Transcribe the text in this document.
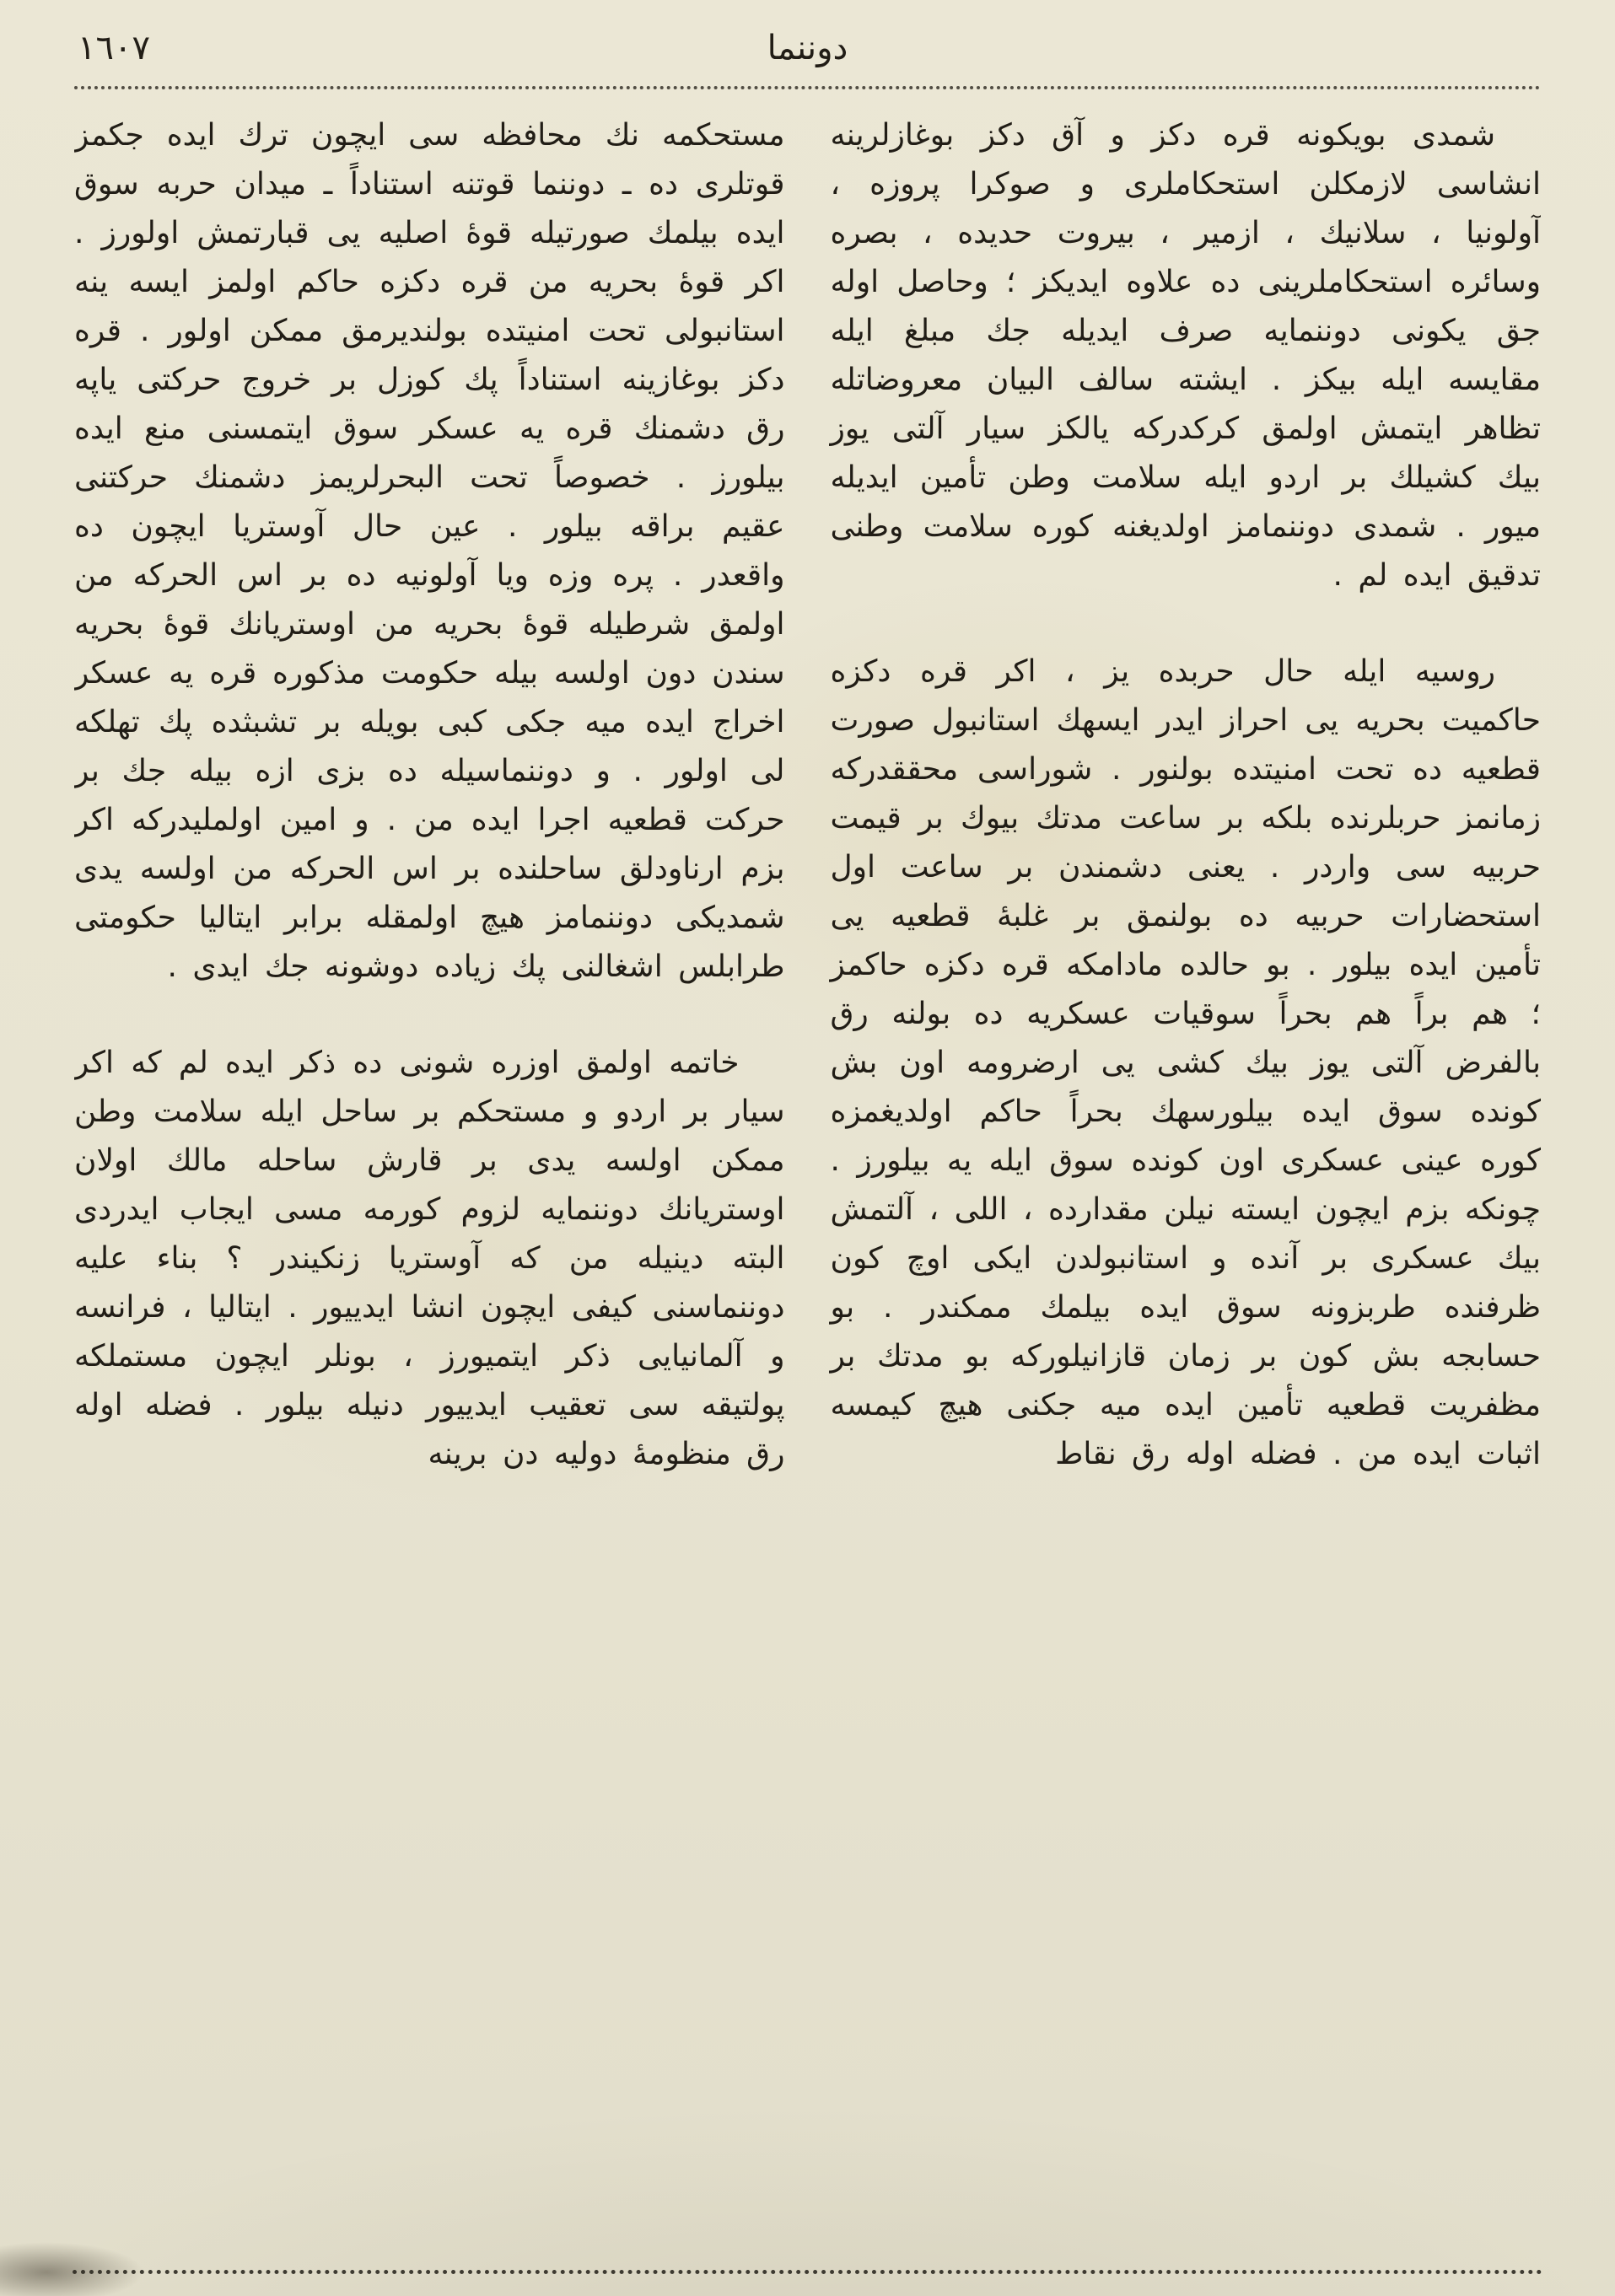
١٦٠٧	دوننما

شمدى بويكونه قره دكز و آق دكز بوغازلرينه انشاسى لازمكلن استحكاملرى و صوكرا پروزه ، آولونيا ، سلانيك ، ازمير ، بيروت حديده ، بصره وسائره استحكاملرينى ده علاوه ايديكز ؛ وحاصل اوله جق يكونى دوننمايه صرف ايديله جك مبلغ ايله مقايسه ايله بيكز . ايشته سالف البيان معروضاتله تظاهر ايتمش اولمق كركدركه يالكز سيار آلتى يوز بيك كشيلك بر اردو ايله سلامت وطن تأمين ايديله ميور . شمدى دوننمامز اولديغنه كوره سلامت وطنى تدقيق ايده لم .

روسيه ايله حال حربده يز ، اكر قره دكزه حاكميت بحريه يى احراز ايدر ايسهك استانبول صورت قطعيه ده تحت امنيتده بولنور . شوراسى محققدركه زمانمز حربلرنده بلكه بر ساعت مدتك بيوك بر قيمت حربيه سى واردر . يعنى دشمندن بر ساعت اول استحضارات حربيه ده بولنمق بر غلبهٔ قطعيه يى تأمين ايده بيلور . بو حالده مادامكه قره دكزه حاكمز ؛ هم براً هم بحراً سوقيات عسكريه ده بولنه رق بالفرض آلتى يوز بيك كشى يى ارضرومه اون بش كونده سوق ايده بيلورسهك بحراً حاكم اولديغمزه كوره عينى عسكرى اون كونده سوق ايله يه بيلورز . چونكه بزم ايچون ايسته نيلن مقدارده ، اللى ، آلتمش بيك عسكرى بر آنده و استانبولدن ايكى اوچ كون ظرفنده طربزونه سوق ايده بيلمك ممكندر . بو حسابجه بش كون بر زمان قازانيلوركه بو مدتك بر مظفريت قطعيه تأمين ايده ميه جكنى هيچ كيمسه اثبات ايده من . فضله اوله رق نقاط

مستحكمه نك محافظه سى ايچون ترك ايده جكمز قوتلرى ده ـ دوننما قوتنه استناداً ـ ميدان حربه سوق ايده بيلمك صورتيله قوهٔ اصليه يى قبارتمش اولورز . اكر قوهٔ بحريه من قره دكزه حاكم اولمز ايسه ينه استانبولى تحت امنيتده بولنديرمق ممكن اولور . قره دكز بوغازينه استناداً پك كوزل بر خروج حركتى ياپه رق دشمنك قره يه عسكر سوق ايتمسنى منع ايده بيلورز . خصوصاً تحت البحرلريمز دشمنك حركتنى عقيم براقه بيلور . عين حال آوستريا ايچون ده واقعدر . پره وزه ويا آولونيه ده بر اس الحركه من اولمق شرطيله قوهٔ بحريه من اوستريانك قوهٔ بحريه سندن دون اولسه بيله حكومت مذكوره قره يه عسكر اخراج ايده ميه جكى كبى بويله بر تشبثده پك تهلكه لى اولور . و دوننماسيله ده بزى ازه بيله جك بر حركت قطعيه اجرا ايده من . و امين اولمليدركه اكر بزم ارناودلق ساحلنده بر اس الحركه من اولسه يدى شمديكى دوننمامز هيچ اولمقله برابر ايتاليا حكومتى طرابلس اشغالنى پك زياده دوشونه جك ايدى .

خاتمه اولمق اوزره شونى ده ذكر ايده لم كه اكر سيار بر اردو و مستحكم بر ساحل ايله سلامت وطن ممكن اولسه يدى بر قارش ساحله مالك اولان اوستريانك دوننمايه لزوم كورمه مسى ايجاب ايدردى البته دينيله من كه آوستريا زنكيندر ؟ بناء عليه دوننماسنى كيفى ايچون انشا ايدييور . ايتاليا ، فرانسه و آلمانيايى ذكر ايتميورز ، بونلر ايچون مستملكه پولتيقه سى تعقيب ايدييور دنيله بيلور . فضله اوله رق منظومهٔ دوليه دن برينه
